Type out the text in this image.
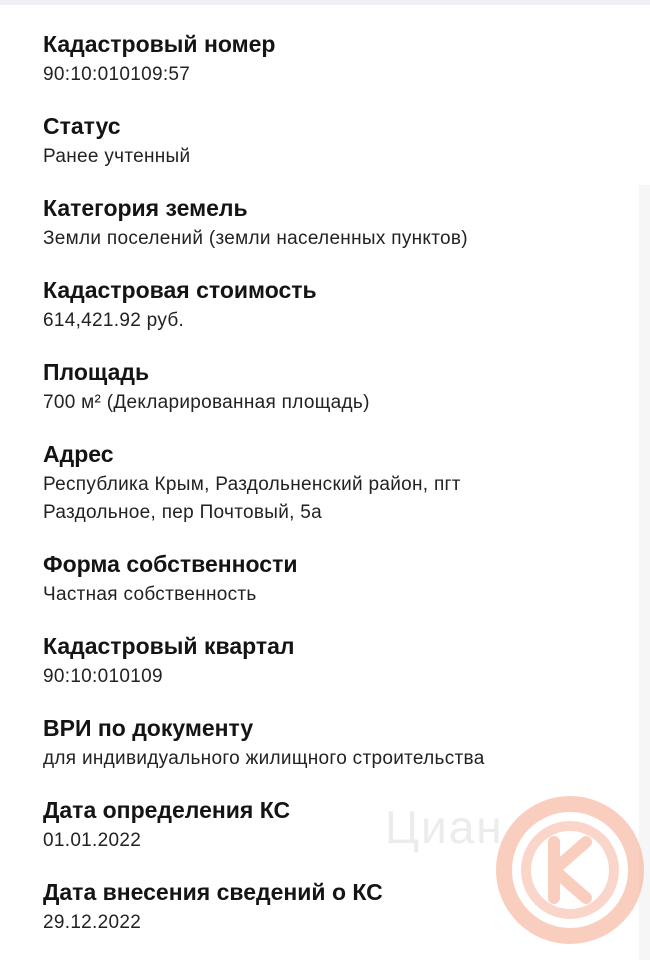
Циан
Кадастровый номер
90:10:010109:57
Статус
Ранее учтенный
Категория земель
Земли поселений (земли населенных пунктов)
Кадастровая стоимость
614,421.92 руб.
Площадь
700 м² (Декларированная площадь)
Адрес
Республика Крым, Раздольненский район, пгт
Раздольное, пер Почтовый, 5а
Форма собственности
Частная собственность
Кадастровый квартал
90:10:010109
ВРИ по документу
для индивидуального жилищного строительства
Дата определения КС
01.01.2022
Дата внесения сведений о КС
29.12.2022
